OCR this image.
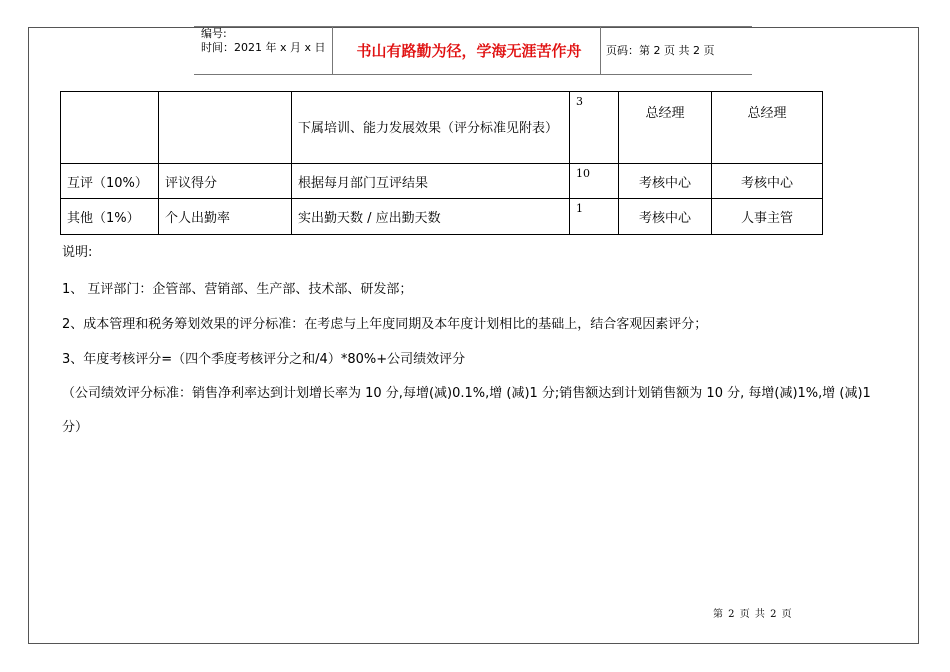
编号:
时间：2021 年 x 月 x 日	书山有路勤为径，学海无涯苦作舟	页码：第 2 页 共 2 页

		下属培训、能力发展效果（评分标准见附表）	3	总经理	总经理
互评（10%）	评议得分	根据每月部门互评结果	10	考核中心	考核中心
其他（1%）	个人出勤率	实出勤天数 / 应出勤天数	1	考核中心	人事主管
说明:
1、 互评部门：企管部、营销部、生产部、技术部、研发部；
2、成本管理和税务筹划效果的评分标准：在考虑与上年度同期及本年度计划相比的基础上，结合客观因素评分；
3、年度考核评分=（四个季度考核评分之和/4）*80%+公司绩效评分
（公司绩效评分标准：销售净利率达到计划增长率为 10 分,每增(减)0.1%,增 (减)1 分;销售额达到计划销售额为 10 分, 每增(减)1%,增 (减)1 分）
第 2 页 共 2 页
